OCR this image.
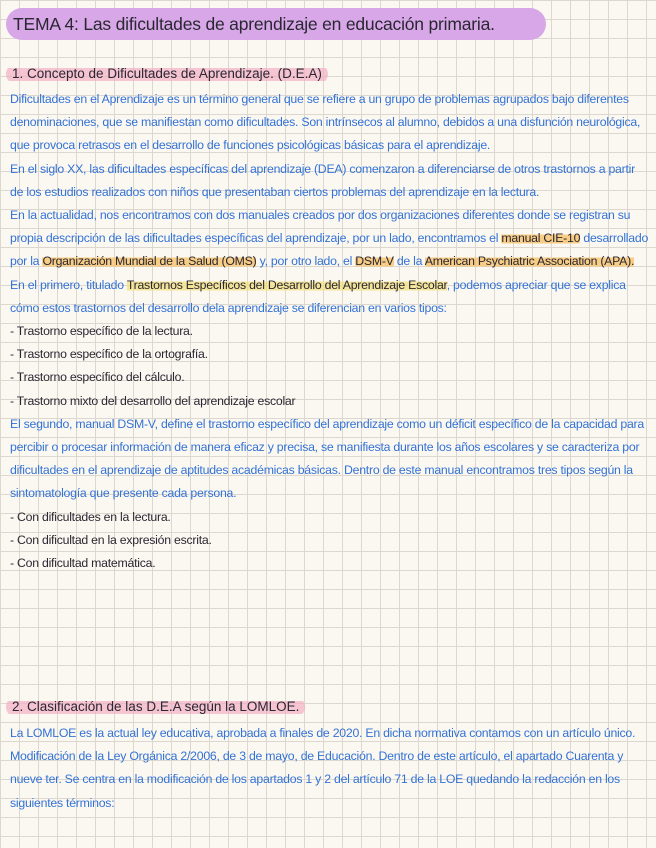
TEMA 4: Las dificultades de aprendizaje en educación primaria.
1. Concepto de Dificultades de Aprendizaje. (D.E.A)

Dificultades en el Aprendizaje es un término general que se refiere a un grupo de problemas agrupados bajo diferentes denominaciones, que se manifiestan como dificultades. Son intrínsecos al alumno, debidos a una disfunción neurológica, que provoca retrasos en el desarrollo de funciones psicológicas básicas para el aprendizaje.

En el siglo XX, las dificultades específicas del aprendizaje (DEA) comenzaron a diferenciarse de otros trastornos a partir de los estudios realizados con niños que presentaban ciertos problemas del aprendizaje en la lectura.

En la actualidad, nos encontramos con dos manuales creados por dos organizaciones diferentes donde se registran su propia descripción de las dificultades específicas del aprendizaje, por un lado, encontramos el manual CIE-10 desarrollado por la Organización Mundial de la Salud (OMS) y, por otro lado, el DSM-V de la American Psychiatric Association (APA). En el primero, titulado Trastornos Específicos del Desarrollo del Aprendizaje Escolar, podemos apreciar que se explica cómo estos trastornos del desarrollo dela aprendizaje se diferencian en varios tipos:

- Trastorno específico de la lectura.

- Trastorno específico de la ortografía.

- Trastorno específico del cálculo.

- Trastorno mixto del desarrollo del aprendizaje escolar

El segundo, manual DSM-V, define el trastorno específico del aprendizaje como un déficit específico de la capacidad para percibir o procesar información de manera eficaz y precisa, se manifiesta durante los años escolares y se caracteriza por dificultades en el aprendizaje de aptitudes académicas básicas. Dentro de este manual encontramos tres tipos según la sintomatología que presente cada persona.

- Con dificultades en la lectura.

- Con dificultad en la expresión escrita.

- Con dificultad matemática.

2. Clasificación de las D.E.A según la LOMLOE.

La LOMLOE es la actual ley educativa, aprobada a finales de 2020. En dicha normativa contamos con un artículo único. Modificación de la Ley Orgánica 2/2006, de 3 de mayo, de Educación. Dentro de este artículo, el apartado Cuarenta y nueve ter. Se centra en la modificación de los apartados 1 y 2 del artículo 71 de la LOE quedando la redacción en los siguientes términos:
